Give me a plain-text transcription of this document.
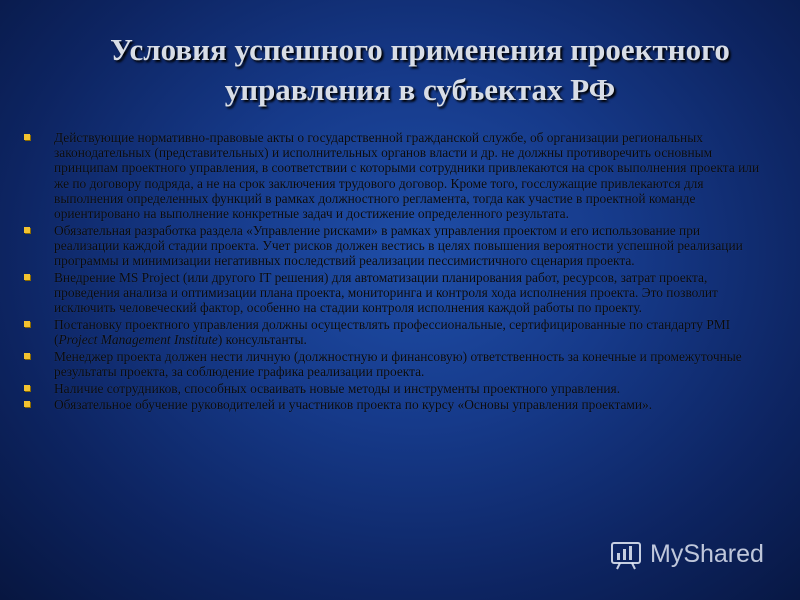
Условия успешного применения проектного
управления в субъектах РФ
Действующие нормативно-правовые акты о государственной гражданской службе, об организации региональных законодательных (представительных) и исполнительных органов власти и др. не должны противоречить основным принципам проектного управления, в соответствии с которыми сотрудники привлекаются на срок выполнения проекта или же по договору подряда, а не на срок заключения трудового договор. Кроме того, госслужащие привлекаются для выполнения определенных функций в рамках должностного регламента, тогда как участие в проектной команде ориентировано на выполнение конкретные задач и достижение определенного результата.
Обязательная разработка раздела «Управление рисками» в рамках управления проектом и его использование при реализации каждой стадии проекта. Учет рисков должен вестись в целях повышения вероятности успешной реализации программы и минимизации негативных последствий реализации пессимистичного сценария проекта.
Внедрение MS Project (или другого IT решения) для автоматизации планирования работ, ресурсов, затрат проекта, проведения анализа и оптимизации плана проекта, мониторинга и контроля хода исполнения проекта. Это позволит исключить человеческий фактор, особенно на стадии контроля исполнения каждой работы по проекту.
Постановку проектного управления должны осуществлять профессиональные, сертифицированные по стандарту PMI (Project Management Institute) консультанты.
Менеджер проекта должен нести личную (должностную и финансовую) ответственность за конечные и промежуточные результаты проекта, за соблюдение графика реализации проекта.
Наличие сотрудников, способных осваивать новые методы и инструменты проектного управления.
Обязательное обучение руководителей и участников проекта по курсу «Основы управления проектами».
MyShared
